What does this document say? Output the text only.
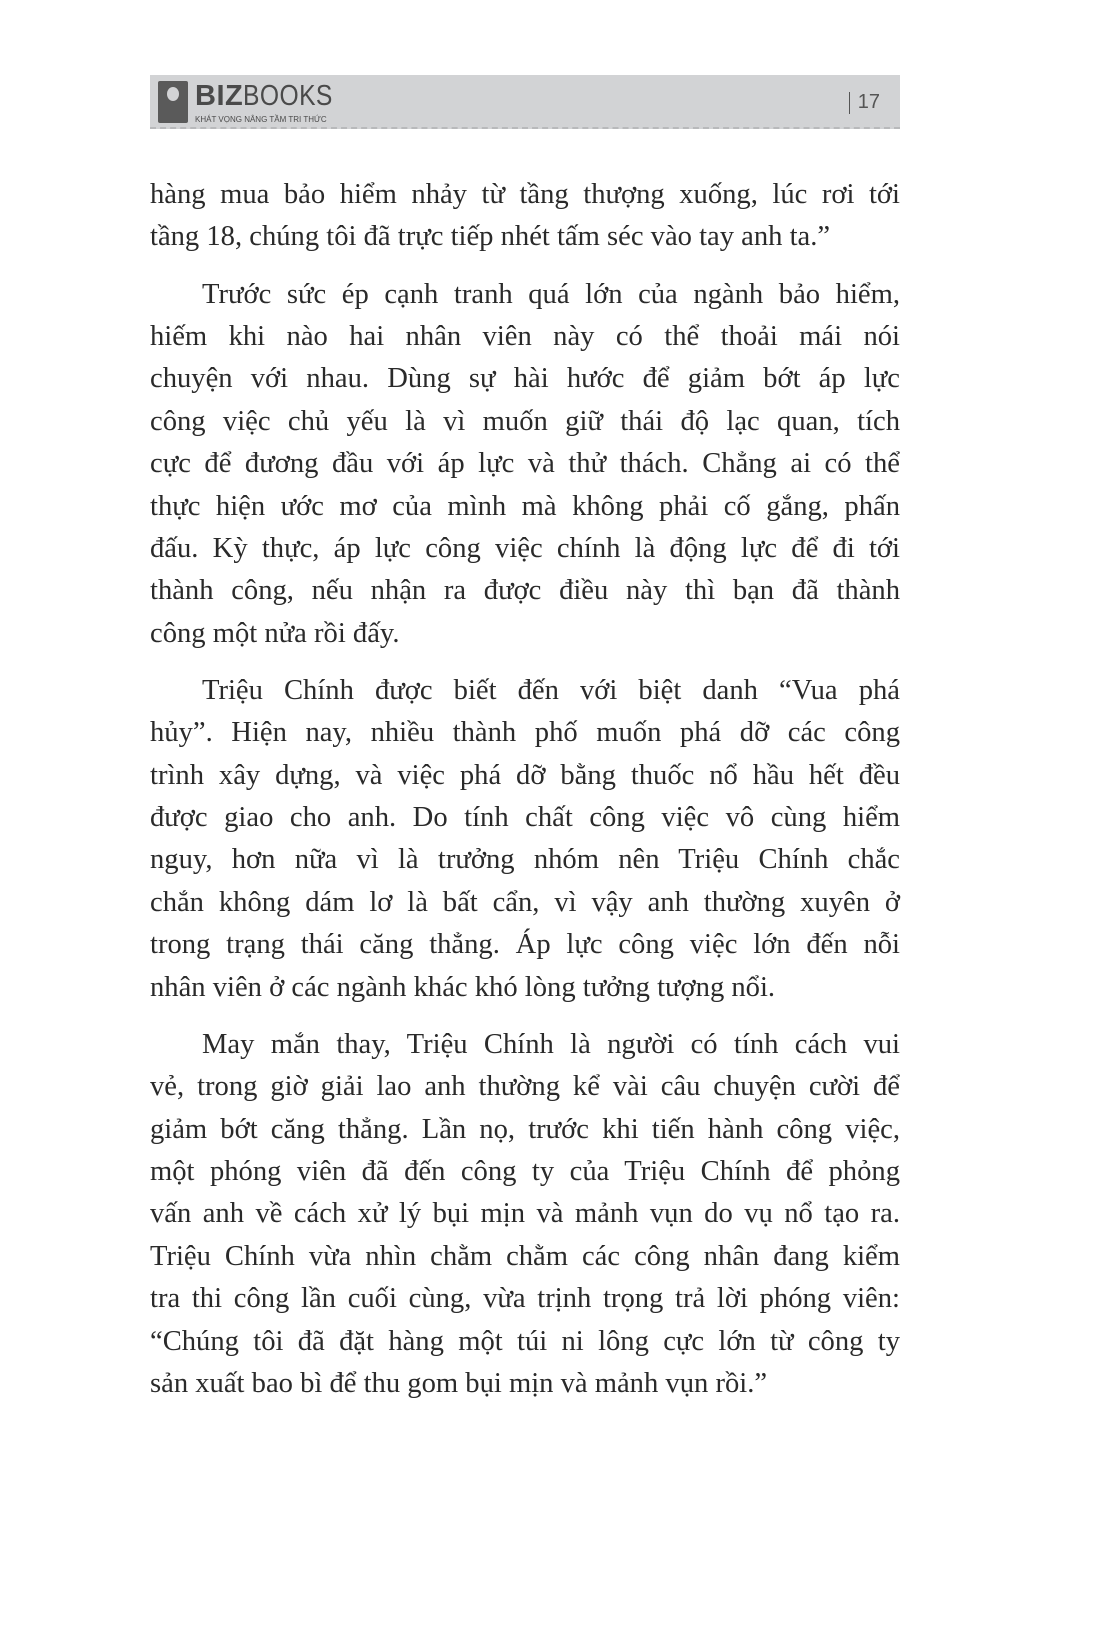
BIZBOOKS
KHÁT VỌNG NÂNG TẦM TRI THỨC
17
hàng mua bảo hiểm nhảy từ tầng thượng xuống, lúc rơi tới
tầng 18, chúng tôi đã trực tiếp nhét tấm séc vào tay anh ta.”
Trước sức ép cạnh tranh quá lớn của ngành bảo hiểm,
hiếm khi nào hai nhân viên này có thể thoải mái nói
chuyện với nhau. Dùng sự hài hước để giảm bớt áp lực
công việc chủ yếu là vì muốn giữ thái độ lạc quan, tích
cực để đương đầu với áp lực và thử thách. Chẳng ai có thể
thực hiện ước mơ của mình mà không phải cố gắng, phấn
đấu. Kỳ thực, áp lực công việc chính là động lực để đi tới
thành công, nếu nhận ra được điều này thì bạn đã thành
công một nửa rồi đấy.
Triệu Chính được biết đến với biệt danh “Vua phá
hủy”. Hiện nay, nhiều thành phố muốn phá dỡ các công
trình xây dựng, và việc phá dỡ bằng thuốc nổ hầu hết đều
được giao cho anh. Do tính chất công việc vô cùng hiểm
nguy, hơn nữa vì là trưởng nhóm nên Triệu Chính chắc
chắn không dám lơ là bất cẩn, vì vậy anh thường xuyên ở
trong trạng thái căng thẳng. Áp lực công việc lớn đến nỗi
nhân viên ở các ngành khác khó lòng tưởng tượng nổi.
May mắn thay, Triệu Chính là người có tính cách vui
vẻ, trong giờ giải lao anh thường kể vài câu chuyện cười để
giảm bớt căng thẳng. Lần nọ, trước khi tiến hành công việc,
một phóng viên đã đến công ty của Triệu Chính để phỏng
vấn anh về cách xử lý bụi mịn và mảnh vụn do vụ nổ tạo ra.
Triệu Chính vừa nhìn chằm chằm các công nhân đang kiểm
tra thi công lần cuối cùng, vừa trịnh trọng trả lời phóng viên:
“Chúng tôi đã đặt hàng một túi ni lông cực lớn từ công ty
sản xuất bao bì để thu gom bụi mịn và mảnh vụn rồi.”
